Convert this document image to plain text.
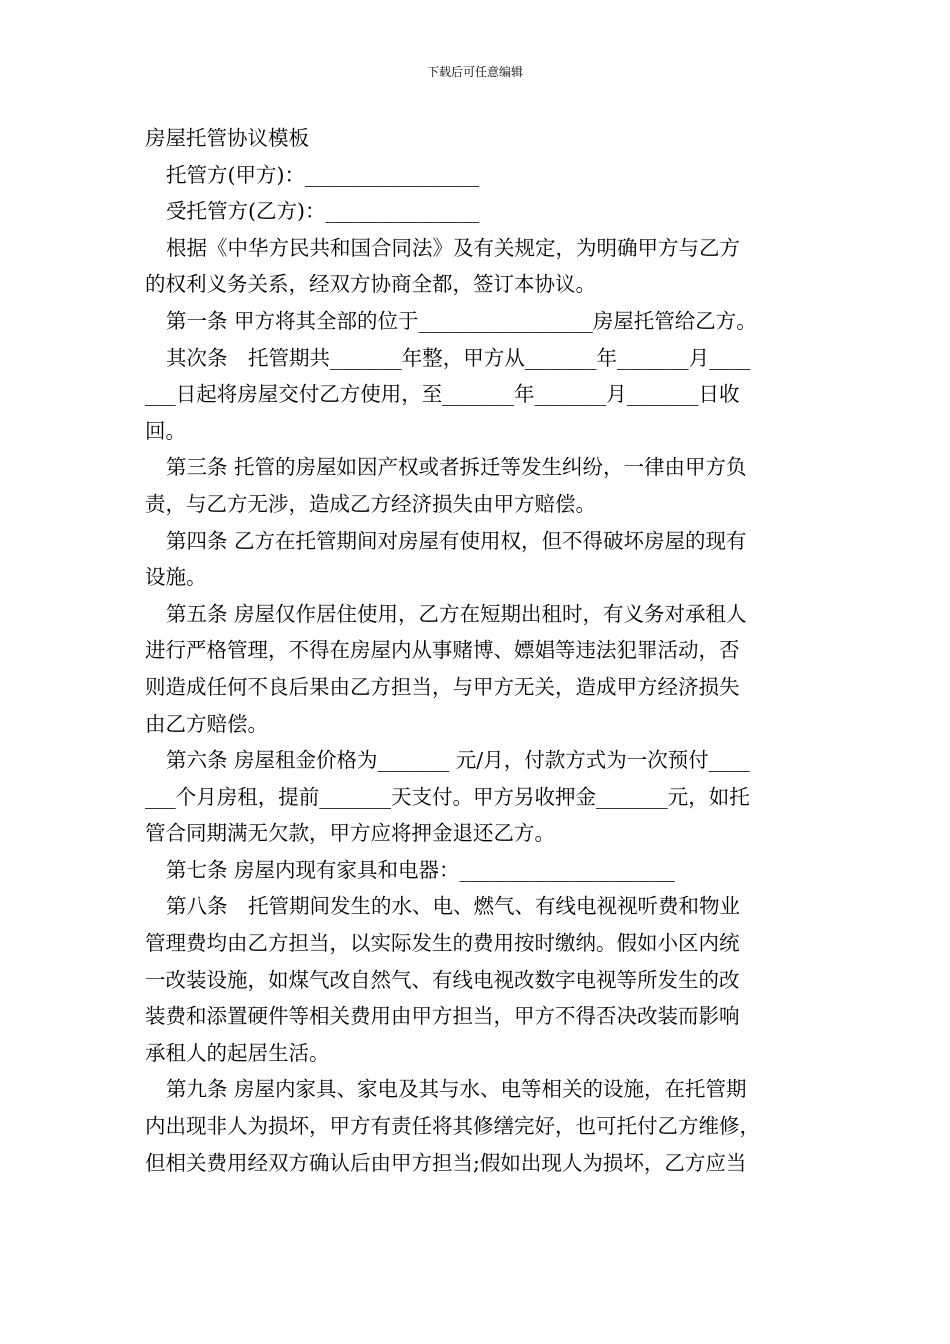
下载后可任意编辑

房屋托管协议模板

托管方(甲方)：_________________

受托管方(乙方)：_______________

根据《中华方民共和国合同法》及有关规定，为明确甲方与乙方

的权利义务关系，经双方协商全都，签订本协议。

第一条 甲方将其全部的位于_________________房屋托管给乙方。

其次条　托管期共_______年整，甲方从_______年_______月____

___日起将房屋交付乙方使用，至_______年_______月_______日收

回。

第三条 托管的房屋如因产权或者拆迁等发生纠纷，一律由甲方负

责，与乙方无涉，造成乙方经济损失由甲方赔偿。

第四条 乙方在托管期间对房屋有使用权，但不得破坏房屋的现有

设施。

第五条 房屋仅作居住使用，乙方在短期出租时，有义务对承租人

进行严格管理，不得在房屋内从事赌博、嫖娼等违法犯罪活动，否

则造成任何不良后果由乙方担当，与甲方无关，造成甲方经济损失

由乙方赔偿。

第六条 房屋租金价格为_______ 元/月，付款方式为一次预付____

___个月房租，提前_______天支付。甲方另收押金_______元，如托

管合同期满无欠款，甲方应将押金退还乙方。

第七条 房屋内现有家具和电器：_____________________

第八条　托管期间发生的水、电、燃气、有线电视视听费和物业

管理费均由乙方担当，以实际发生的费用按时缴纳。假如小区内统

一改装设施，如煤气改自然气、有线电视改数字电视等所发生的改

装费和添置硬件等相关费用由甲方担当，甲方不得否决改装而影响

承租人的起居生活。

第九条 房屋内家具、家电及其与水、电等相关的设施，在托管期

内出现非人为损坏，甲方有责任将其修缮完好，也可托付乙方维修，

但相关费用经双方确认后由甲方担当;假如出现人为损坏，乙方应当
